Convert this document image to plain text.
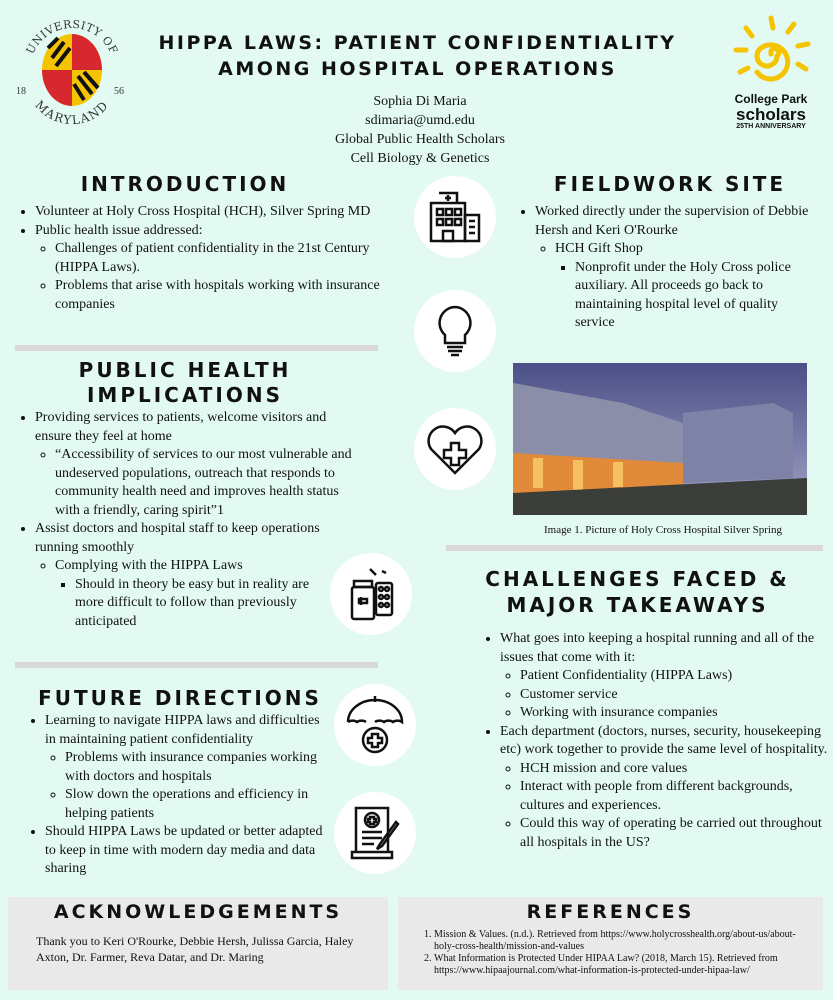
UNIVERSITY OF
MARYLAND
18	56
HIPPA LAWS: PATIENT CONFIDENTIALITY
AMONG HOSPITAL OPERATIONS
Sophia Di Maria
sdimaria@umd.edu
Global Public Health Scholars
Cell Biology & Genetics
College Park
scholars
25TH ANNIVERSARY
INTRODUCTION
• Volunteer at Holy Cross Hospital (HCH), Silver Spring MD
• Public health issue addressed:
◦ Challenges of patient confidentiality in the 21st Century (HIPPA Laws).
◦ Problems that arise with hospitals working with insurance companies
PUBLIC HEALTH
IMPLICATIONS
• Providing services to patients, welcome visitors and ensure they feel at home
◦ “Accessibility of services to our most vulnerable and undeserved populations, outreach that responds to community health need and improves health status with a friendly, caring spirit”1
• Assist doctors and hospital staff to keep operations running smoothly
◦ Complying with the HIPPA Laws
▪ Should in theory be easy but in reality are more difficult to follow than previously anticipated
FUTURE DIRECTIONS
• Learning to navigate HIPPA laws and difficulties in maintaining patient confidentiality
◦ Problems with insurance companies working with doctors and hospitals
◦ Slow down the operations and efficiency in helping patients
• Should HIPPA Laws be updated or better adapted to keep in time with modern day media and data sharing
FIELDWORK SITE
• Worked directly under the supervision of Debbie Hersh and Keri O'Rourke
◦ HCH Gift Shop
▪ Nonprofit under the Holy Cross police auxiliary. All proceeds go back to maintaining hospital level of quality service
Image 1. Picture of Holy Cross Hospital Silver Spring
CHALLENGES FACED &
MAJOR TAKEAWAYS
• What goes into keeping a hospital running and all of the issues that come with it:
◦ Patient Confidentiality (HIPPA Laws)
◦ Customer service
◦ Working with insurance companies
• Each department (doctors, nurses, security, housekeeping etc) work together to provide the same level of hospitality.
◦ HCH mission and core values
◦ Interact with people from different backgrounds, cultures and experiences.
◦ Could this way of operating be carried out throughout all hospitals in the US?
ACKNOWLEDGEMENTS
Thank you to Keri O'Rourke, Debbie Hersh, Julissa Garcia, Haley Axton, Dr. Farmer, Reva Datar, and Dr. Maring
REFERENCES
1. Mission & Values. (n.d.). Retrieved from https://www.holycrosshealth.org/about-us/about-holy-cross-health/mission-and-values
2. What Information is Protected Under HIPAA Law? (2018, March 15). Retrieved from https://www.hipaajournal.com/what-information-is-protected-under-hipaa-law/
